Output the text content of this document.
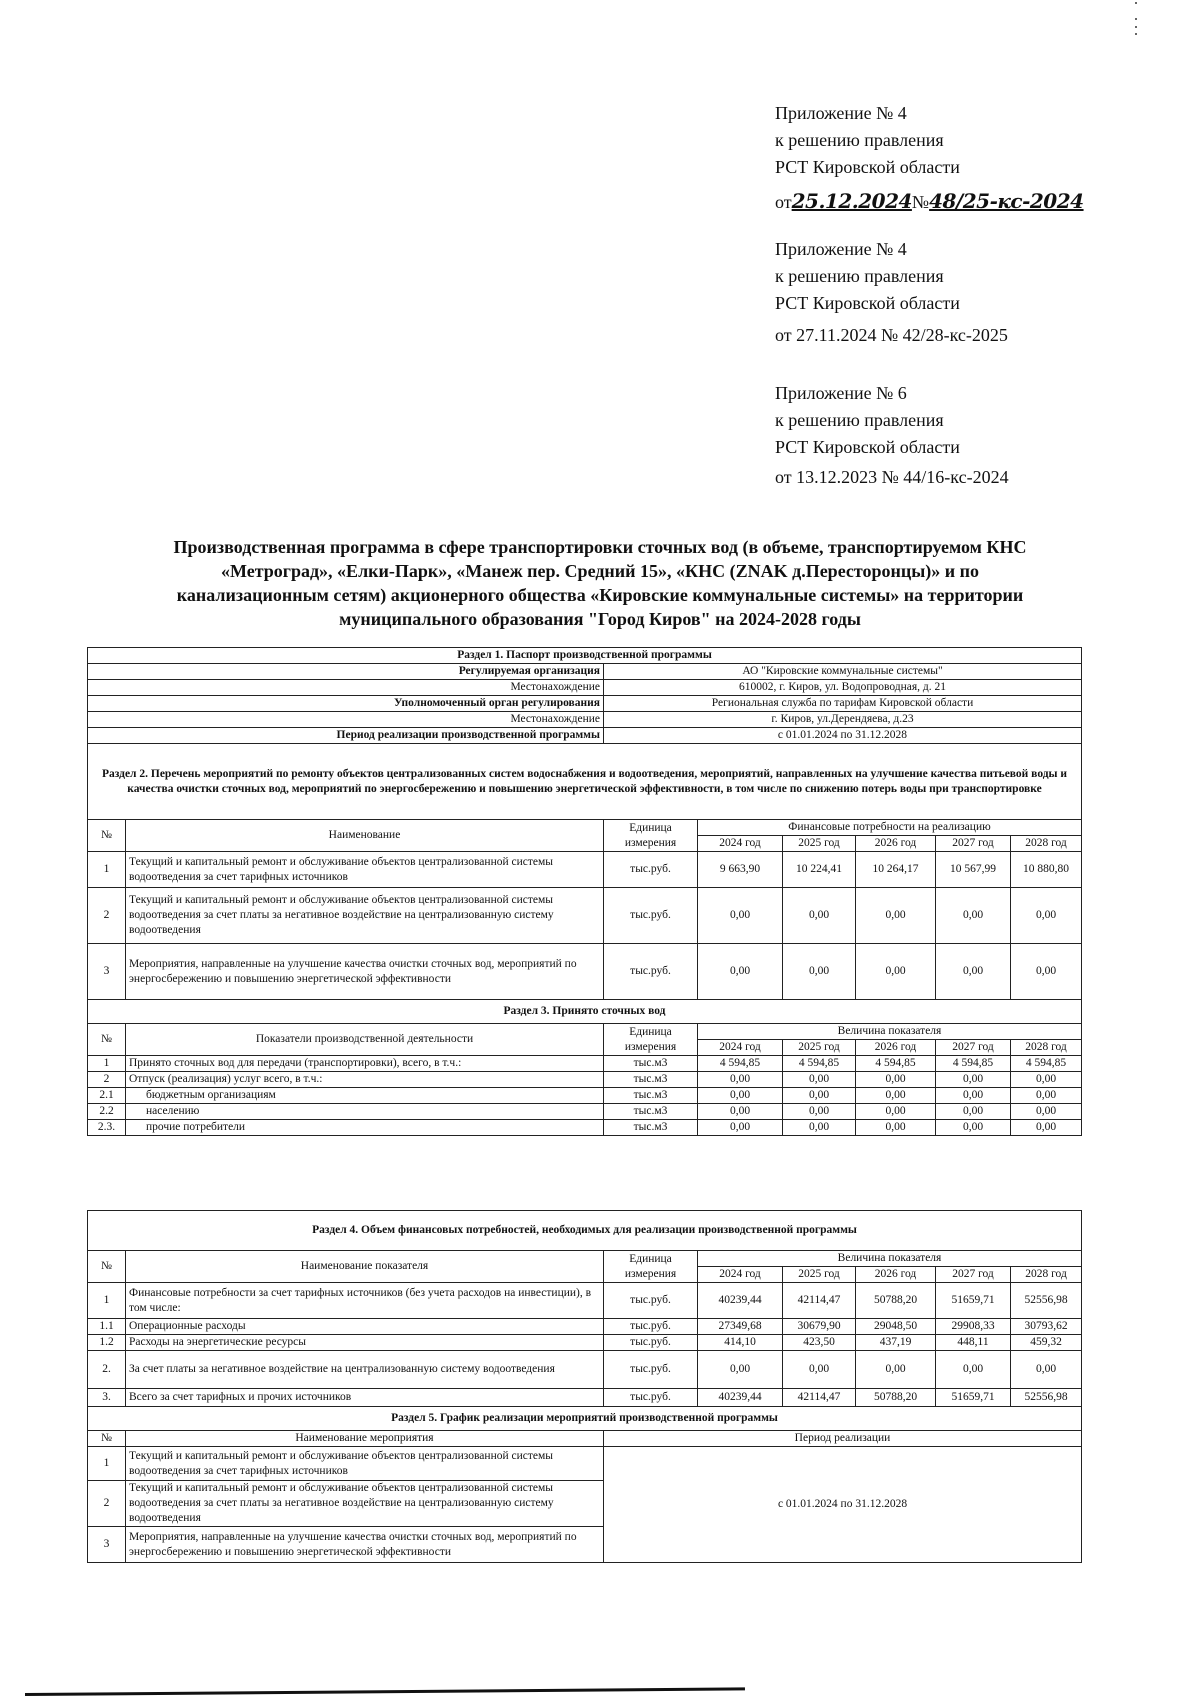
Приложение № 4
к решению правления
РСТ Кировской области
от25.12.2024№48/25-кс-2024
Приложение № 4
к решению правления
РСТ Кировской области
от 27.11.2024 № 42/28-кс-2025
Приложение № 6
к решению правления
РСТ Кировской области
от 13.12.2023 № 44/16-кс-2024
Производственная программа в сфере транспортировки сточных вод (в объеме, транспортируемом КНС
«Метроград», «Елки-Парк», «Манеж пер. Средний 15», «КНС (ZNAK д.Пересторонцы)» и по
канализационным сетям) акционерного общества «Кировские коммунальные системы» на территории
муниципального образования "Город Киров" на 2024-2028 годы
Раздел 1. Паспорт производственной программы							
Регулируемая организация		АО "Кировские коммунальные системы"					
Местонахождение		610002, г. Киров, ул. Водопроводная, д. 21					
Уполномоченный орган регулирования		Региональная служба по тарифам Кировской области					
Местонахождение		г. Киров, ул.Дерендяева, д.23					
Период реализации производственной программы		с 01.01.2024 по 31.12.2028					
Раздел 2. Перечень мероприятий по ремонту объектов централизованных систем водоснабжения и водоотведения, мероприятий, направленных на улучшение качества питьевой воды и качества очистки сточных вод, мероприятий по энергосбережению и повышению энергетической эффективности, в том числе по снижению потерь воды при транспортировке							
№	Наименование	Единица измерения	Финансовые потребности на реализацию				
			2024 год	2025 год	2026 год	2027 год	2028 год
1	Текущий и капитальный ремонт и обслуживание объектов централизованной системы водоотведения за счет тарифных источников	тыс.руб.	9 663,90	10 224,41	10 264,17	10 567,99	10 880,80
2	Текущий и капитальный ремонт и обслуживание объектов централизованной системы водоотведения за счет платы за негативное воздействие на централизованную систему водоотведения	тыс.руб.	0,00	0,00	0,00	0,00	0,00
3	Мероприятия, направленные на улучшение качества очистки сточных вод, мероприятий по энергосбережению и повышению энергетической эффективности	тыс.руб.	0,00	0,00	0,00	0,00	0,00
Раздел 3. Принято сточных вод							
№	Показатели производственной деятельности	Единица измерения	Величина показателя				
			2024 год	2025 год	2026 год	2027 год	2028 год
1	Принято сточных вод для передачи (транспортировки), всего, в т.ч.:	тыс.м3	4 594,85	4 594,85	4 594,85	4 594,85	4 594,85
2	Отпуск (реализация) услуг всего, в т.ч.:	тыс.м3	0,00	0,00	0,00	0,00	0,00
2.1	бюджетным организациям	тыс.м3	0,00	0,00	0,00	0,00	0,00
2.2	населению	тыс.м3	0,00	0,00	0,00	0,00	0,00
2.3.	прочие потребители	тыс.м3	0,00	0,00	0,00	0,00	0,00
Раздел 4. Объем финансовых потребностей, необходимых для реализации производственной программы							
№	Наименование показателя	Единица измерения	Величина показателя				
			2024 год	2025 год	2026 год	2027 год	2028 год
1	Финансовые потребности за счет тарифных источников (без учета расходов на инвестиции), в том числе:	тыс.руб.	40239,44	42114,47	50788,20	51659,71	52556,98
1.1	Операционные расходы	тыс.руб.	27349,68	30679,90	29048,50	29908,33	30793,62
1.2	Расходы на энергетические ресурсы	тыс.руб.	414,10	423,50	437,19	448,11	459,32
2.	За счет платы за негативное воздействие на централизованную систему водоотведения	тыс.руб.	0,00	0,00	0,00	0,00	0,00
3.	Всего за счет тарифных и прочих источников	тыс.руб.	40239,44	42114,47	50788,20	51659,71	52556,98
Раздел 5. График реализации мероприятий производственной программы							
№	Наименование мероприятия	Период реализации					
1	Текущий и капитальный ремонт и обслуживание объектов централизованной системы водоотведения за счет тарифных источников	с 01.01.2024 по 31.12.2028					
2	Текущий и капитальный ремонт и обслуживание объектов централизованной системы водоотведения за счет платы за негативное воздействие на централизованную систему водоотведения						
3	Мероприятия, направленные на улучшение качества очистки сточных вод, мероприятий по энергосбережению и повышению энергетической эффективности						
